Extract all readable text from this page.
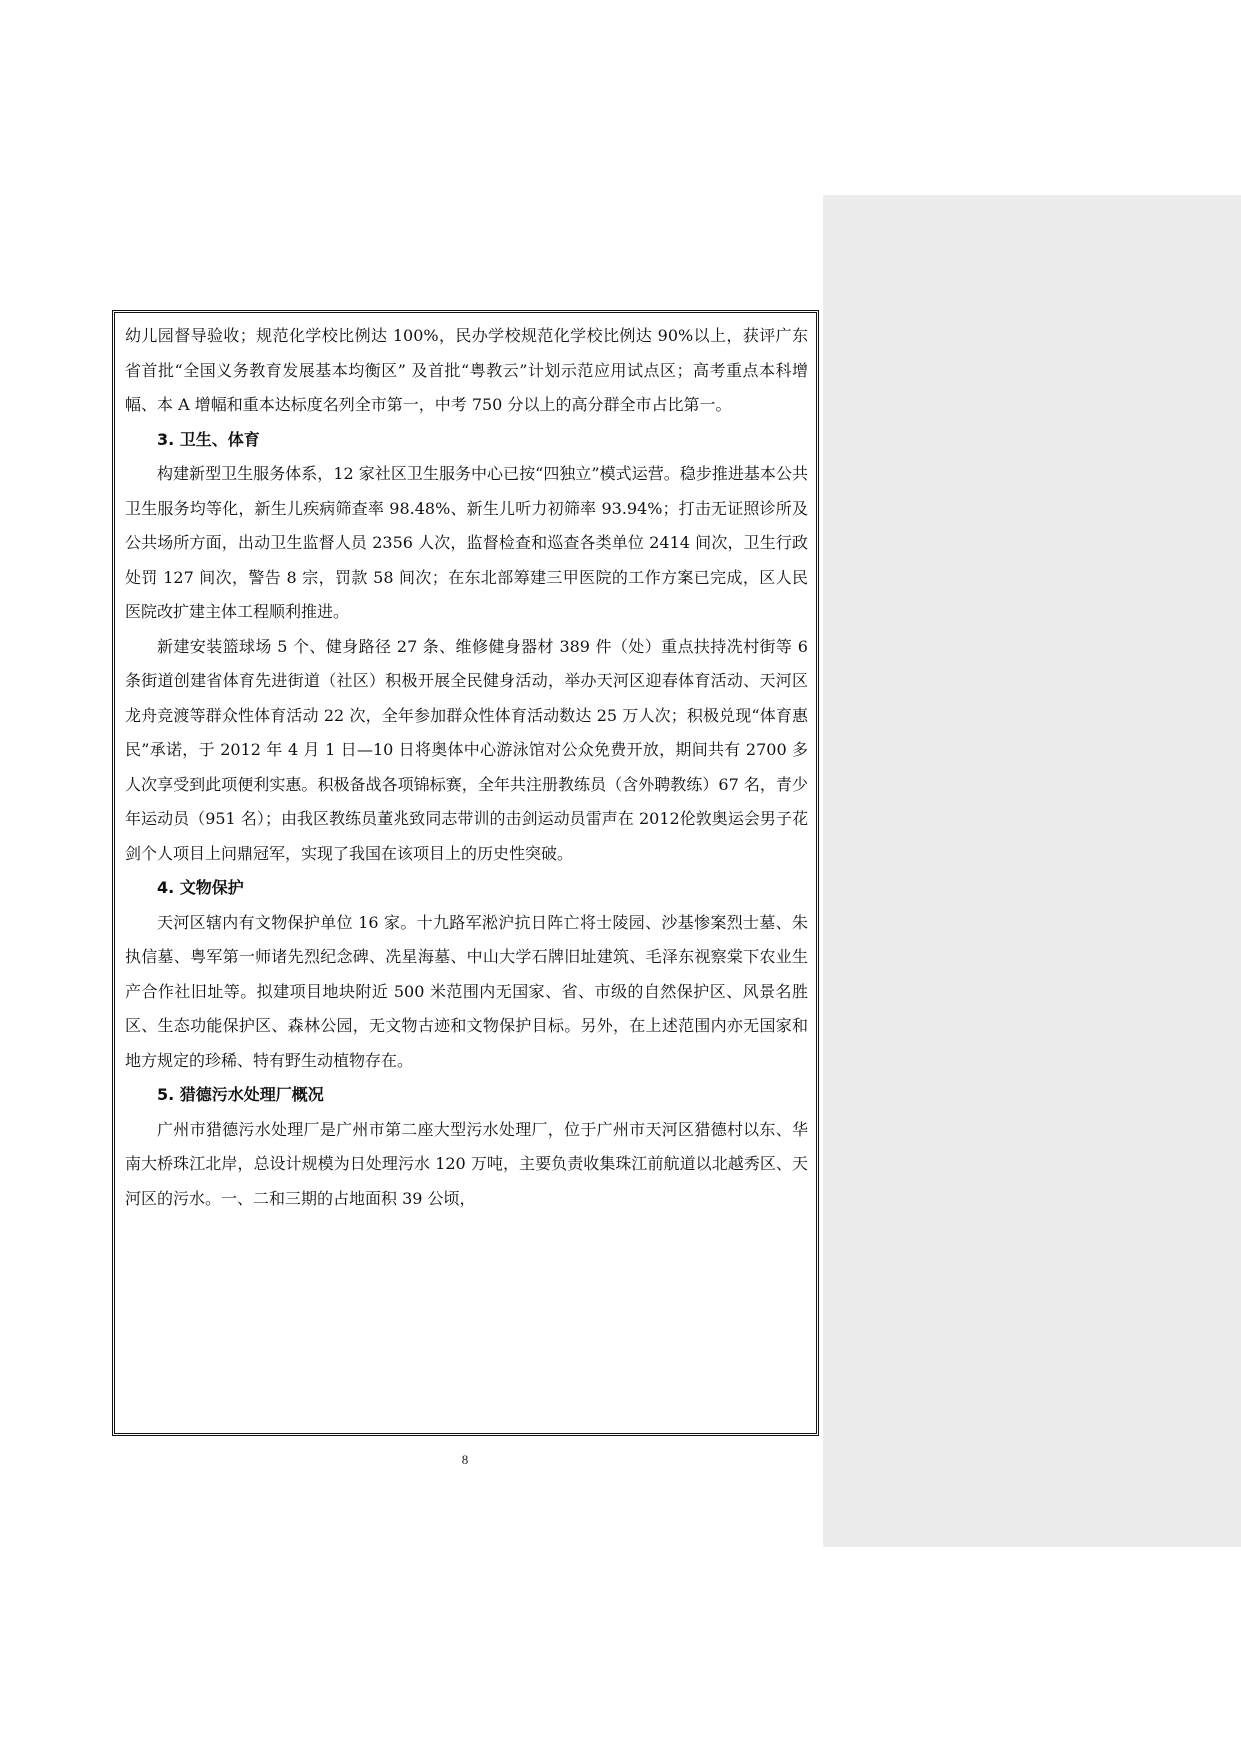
幼儿园督导验收；规范化学校比例达 100%，民办学校规范化学校比例达 90%以上，获评广东省首批“全国义务教育发展基本均衡区” 及首批“粤教云”计划示范应用试点区；高考重点本科增幅、本 A 增幅和重本达标度名列全市第一，中考 750 分以上的高分群全市占比第一。

3. 卫生、体育

构建新型卫生服务体系，12 家社区卫生服务中心已按“四独立”模式运营。稳步推进基本公共卫生服务均等化，新生儿疾病筛查率 98.48%、新生儿听力初筛率 93.94%；打击无证照诊所及公共场所方面，出动卫生监督人员 2356 人次，监督检查和巡查各类单位 2414 间次，卫生行政处罚 127 间次，警告 8 宗，罚款 58 间次；在东北部筹建三甲医院的工作方案已完成，区人民医院改扩建主体工程顺利推进。

新建安装篮球场 5 个、健身路径 27 条、维修健身器材 389 件（处）重点扶持冼村街等 6 条街道创建省体育先进街道（社区）积极开展全民健身活动，举办天河区迎春体育活动、天河区龙舟竞渡等群众性体育活动 22 次，全年参加群众性体育活动数达 25 万人次；积极兑现“体育惠民”承诺，于 2012 年 4 月 1 日—10 日将奥体中心游泳馆对公众免费开放，期间共有 2700 多人次享受到此项便利实惠。积极备战各项锦标赛，全年共注册教练员（含外聘教练）67 名，青少年运动员（951 名）；由我区教练员董兆致同志带训的击剑运动员雷声在 2012伦敦奥运会男子花剑个人项目上问鼎冠军，实现了我国在该项目上的历史性突破。

4. 文物保护

天河区辖内有文物保护单位 16 家。十九路军淞沪抗日阵亡将士陵园、沙基惨案烈士墓、朱执信墓、粤军第一师诸先烈纪念碑、冼星海墓、中山大学石牌旧址建筑、毛泽东视察棠下农业生产合作社旧址等。拟建项目地块附近 500 米范围内无国家、省、市级的自然保护区、风景名胜区、生态功能保护区、森林公园，无文物古迹和文物保护目标。另外，在上述范围内亦无国家和地方规定的珍稀、特有野生动植物存在。

5. 猎德污水处理厂概况

广州市猎德污水处理厂是广州市第二座大型污水处理厂，位于广州市天河区猎德村以东、华南大桥珠江北岸，总设计规模为日处理污水 120 万吨，主要负责收集珠江前航道以北越秀区、天河区的污水。一、二和三期的占地面积 39 公顷，

8
